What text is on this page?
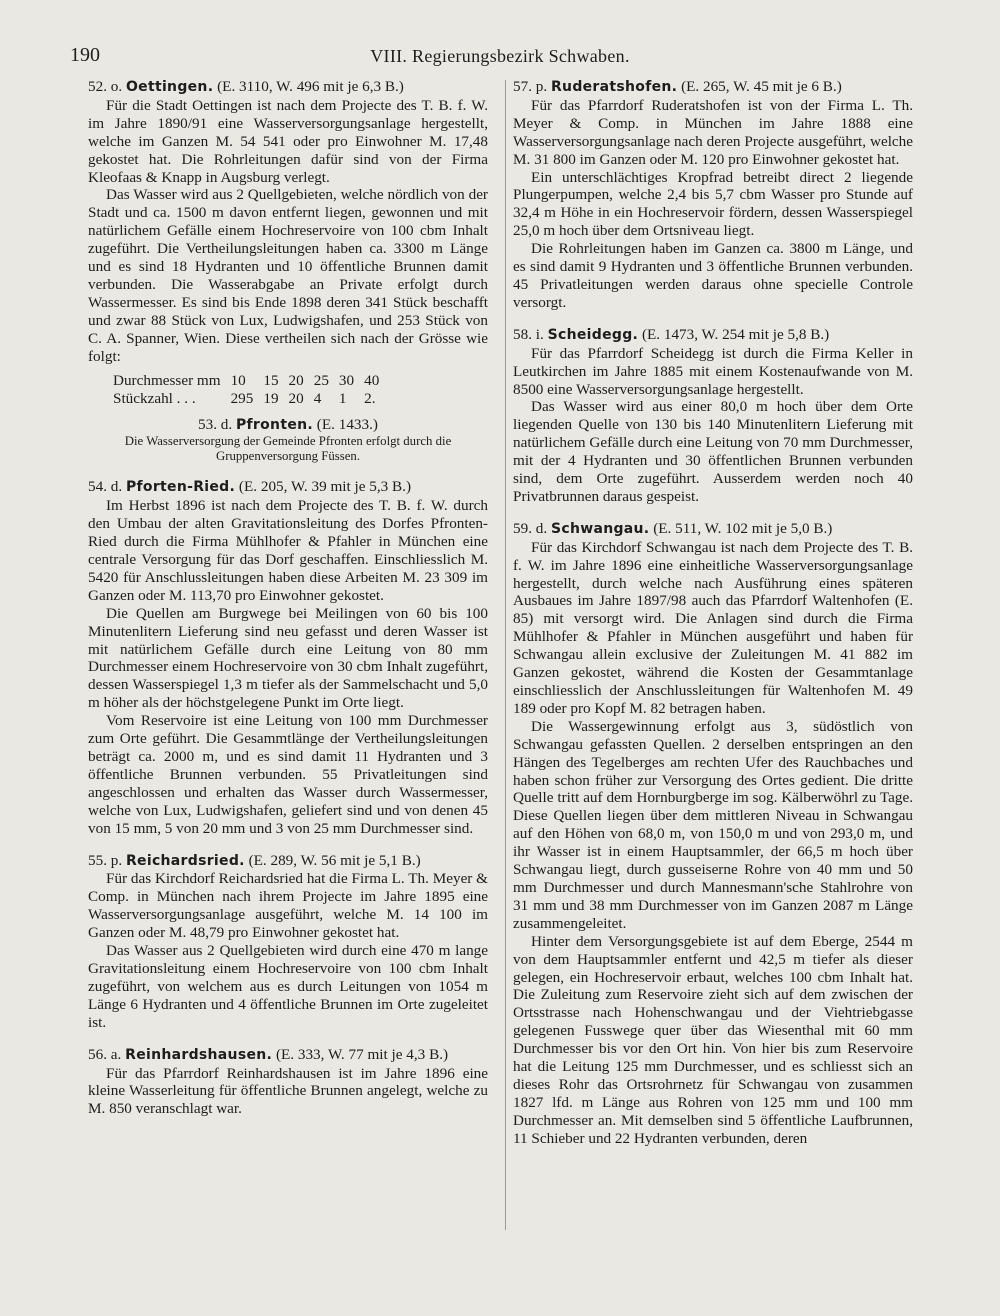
190	VIII. Regierungsbezirk Schwaben.
52. o. Oettingen. (E. 3110, W. 496 mit je 6,3 B.)

Für die Stadt Oettingen ist nach dem Projecte des T. B. f. W. im Jahre 1890/91 eine Wasserversorgungsanlage hergestellt, welche im Ganzen M. 54 541 oder pro Einwohner M. 17,48 gekostet hat. Die Rohrleitungen dafür sind von der Firma Kleofaas & Knapp in Augsburg verlegt.

Das Wasser wird aus 2 Quellgebieten, welche nördlich von der Stadt und ca. 1500 m davon entfernt liegen, gewonnen und mit natürlichem Gefälle einem Hochreservoire von 100 cbm Inhalt zugeführt. Die Vertheilungsleitungen haben ca. 3300 m Länge und es sind 18 Hydranten und 10 öffentliche Brunnen damit verbunden. Die Wasserabgabe an Private erfolgt durch Wassermesser. Es sind bis Ende 1898 deren 341 Stück beschafft und zwar 88 Stück von Lux, Ludwigshafen, und 253 Stück von C. A. Spanner, Wien. Diese vertheilen sich nach der Grösse wie folgt:

Durchmesser mm	10	15	20	25	30	40
Stückzahl . . .	295	19	20	4	1	2.
53. d. Pfronten. (E. 1433.)

Die Wasserversorgung der Gemeinde Pfronten erfolgt durch die Gruppenversorgung Füssen.

54. d. Pforten-Ried. (E. 205, W. 39 mit je 5,3 B.)

Im Herbst 1896 ist nach dem Projecte des T. B. f. W. durch den Umbau der alten Gravitationsleitung des Dorfes Pfronten-Ried durch die Firma Mühlhofer & Pfahler in München eine centrale Versorgung für das Dorf geschaffen. Einschliesslich M. 5420 für Anschlussleitungen haben diese Arbeiten M. 23 309 im Ganzen oder M. 113,70 pro Einwohner gekostet.

Die Quellen am Burgwege bei Meilingen von 60 bis 100 Minutenlitern Lieferung sind neu gefasst und deren Wasser ist mit natürlichem Gefälle durch eine Leitung von 80 mm Durchmesser einem Hochreservoire von 30 cbm Inhalt zugeführt, dessen Wasserspiegel 1,3 m tiefer als der Sammelschacht und 5,0 m höher als der höchstgelegene Punkt im Orte liegt.

Vom Reservoire ist eine Leitung von 100 mm Durchmesser zum Orte geführt. Die Gesammtlänge der Vertheilungsleitungen beträgt ca. 2000 m, und es sind damit 11 Hydranten und 3 öffentliche Brunnen verbunden. 55 Privatleitungen sind angeschlossen und erhalten das Wasser durch Wassermesser, welche von Lux, Ludwigshafen, geliefert sind und von denen 45 von 15 mm, 5 von 20 mm und 3 von 25 mm Durchmesser sind.

55. p. Reichardsried. (E. 289, W. 56 mit je 5,1 B.)

Für das Kirchdorf Reichardsried hat die Firma L. Th. Meyer & Comp. in München nach ihrem Projecte im Jahre 1895 eine Wasserversorgungsanlage ausgeführt, welche M. 14 100 im Ganzen oder M. 48,79 pro Einwohner gekostet hat.

Das Wasser aus 2 Quellgebieten wird durch eine 470 m lange Gravitationsleitung einem Hochreservoire von 100 cbm Inhalt zugeführt, von welchem aus es durch Leitungen von 1054 m Länge 6 Hydranten und 4 öffentliche Brunnen im Orte zugeleitet ist.

56. a. Reinhardshausen. (E. 333, W. 77 mit je 4,3 B.)

Für das Pfarrdorf Reinhardshausen ist im Jahre 1896 eine kleine Wasserleitung für öffentliche Brunnen angelegt, welche zu M. 850 veranschlagt war.

57. p. Ruderatshofen. (E. 265, W. 45 mit je 6 B.)

Für das Pfarrdorf Ruderatshofen ist von der Firma L. Th. Meyer & Comp. in München im Jahre 1888 eine Wasserversorgungsanlage nach deren Projecte ausgeführt, welche M. 31 800 im Ganzen oder M. 120 pro Einwohner gekostet hat.

Ein unterschlächtiges Kropfrad betreibt direct 2 liegende Plungerpumpen, welche 2,4 bis 5,7 cbm Wasser pro Stunde auf 32,4 m Höhe in ein Hochreservoir fördern, dessen Wasserspiegel 25,0 m hoch über dem Ortsniveau liegt.

Die Rohrleitungen haben im Ganzen ca. 3800 m Länge, und es sind damit 9 Hydranten und 3 öffentliche Brunnen verbunden. 45 Privatleitungen werden daraus ohne specielle Controle versorgt.

58. i. Scheidegg. (E. 1473, W. 254 mit je 5,8 B.)

Für das Pfarrdorf Scheidegg ist durch die Firma Keller in Leutkirchen im Jahre 1885 mit einem Kostenaufwande von M. 8500 eine Wasserversorgungsanlage hergestellt.

Das Wasser wird aus einer 80,0 m hoch über dem Orte liegenden Quelle von 130 bis 140 Minutenlitern Lieferung mit natürlichem Gefälle durch eine Leitung von 70 mm Durchmesser, mit der 4 Hydranten und 30 öffentlichen Brunnen verbunden sind, dem Orte zugeführt. Ausserdem werden noch 40 Privatbrunnen daraus gespeist.

59. d. Schwangau. (E. 511, W. 102 mit je 5,0 B.)

Für das Kirchdorf Schwangau ist nach dem Projecte des T. B. f. W. im Jahre 1896 eine einheitliche Wasserversorgungsanlage hergestellt, durch welche nach Ausführung eines späteren Ausbaues im Jahre 1897/98 auch das Pfarrdorf Waltenhofen (E. 85) mit versorgt wird. Die Anlagen sind durch die Firma Mühlhofer & Pfahler in München ausgeführt und haben für Schwangau allein exclusive der Zuleitungen M. 41 882 im Ganzen gekostet, während die Kosten der Gesammtanlage einschliesslich der Anschlussleitungen für Waltenhofen M. 49 189 oder pro Kopf M. 82 betragen haben.

Die Wassergewinnung erfolgt aus 3, südöstlich von Schwangau gefassten Quellen. 2 derselben entspringen an den Hängen des Tegelberges am rechten Ufer des Rauchbaches und haben schon früher zur Versorgung des Ortes gedient. Die dritte Quelle tritt auf dem Hornburgberge im sog. Kälberwöhrl zu Tage. Diese Quellen liegen über dem mittleren Niveau in Schwangau auf den Höhen von 68,0 m, von 150,0 m und von 293,0 m, und ihr Wasser ist in einem Hauptsammler, der 66,5 m hoch über Schwangau liegt, durch gusseiserne Rohre von 40 mm und 50 mm Durchmesser und durch Mannesmann'sche Stahlrohre von 31 mm und 38 mm Durchmesser von im Ganzen 2087 m Länge zusammengeleitet.

Hinter dem Versorgungsgebiete ist auf dem Eberge, 2544 m von dem Hauptsammler entfernt und 42,5 m tiefer als dieser gelegen, ein Hochreservoir erbaut, welches 100 cbm Inhalt hat. Die Zuleitung zum Reservoire zieht sich auf dem zwischen der Ortsstrasse nach Hohenschwangau und der Viehtriebgasse gelegenen Fusswege quer über das Wiesenthal mit 60 mm Durchmesser bis vor den Ort hin. Von hier bis zum Reservoire hat die Leitung 125 mm Durchmesser, und es schliesst sich an dieses Rohr das Ortsrohrnetz für Schwangau von zusammen 1827 lfd. m Länge aus Rohren von 125 mm und 100 mm Durchmesser an. Mit demselben sind 5 öffentliche Laufbrunnen, 11 Schieber und 22 Hydranten verbunden, deren
